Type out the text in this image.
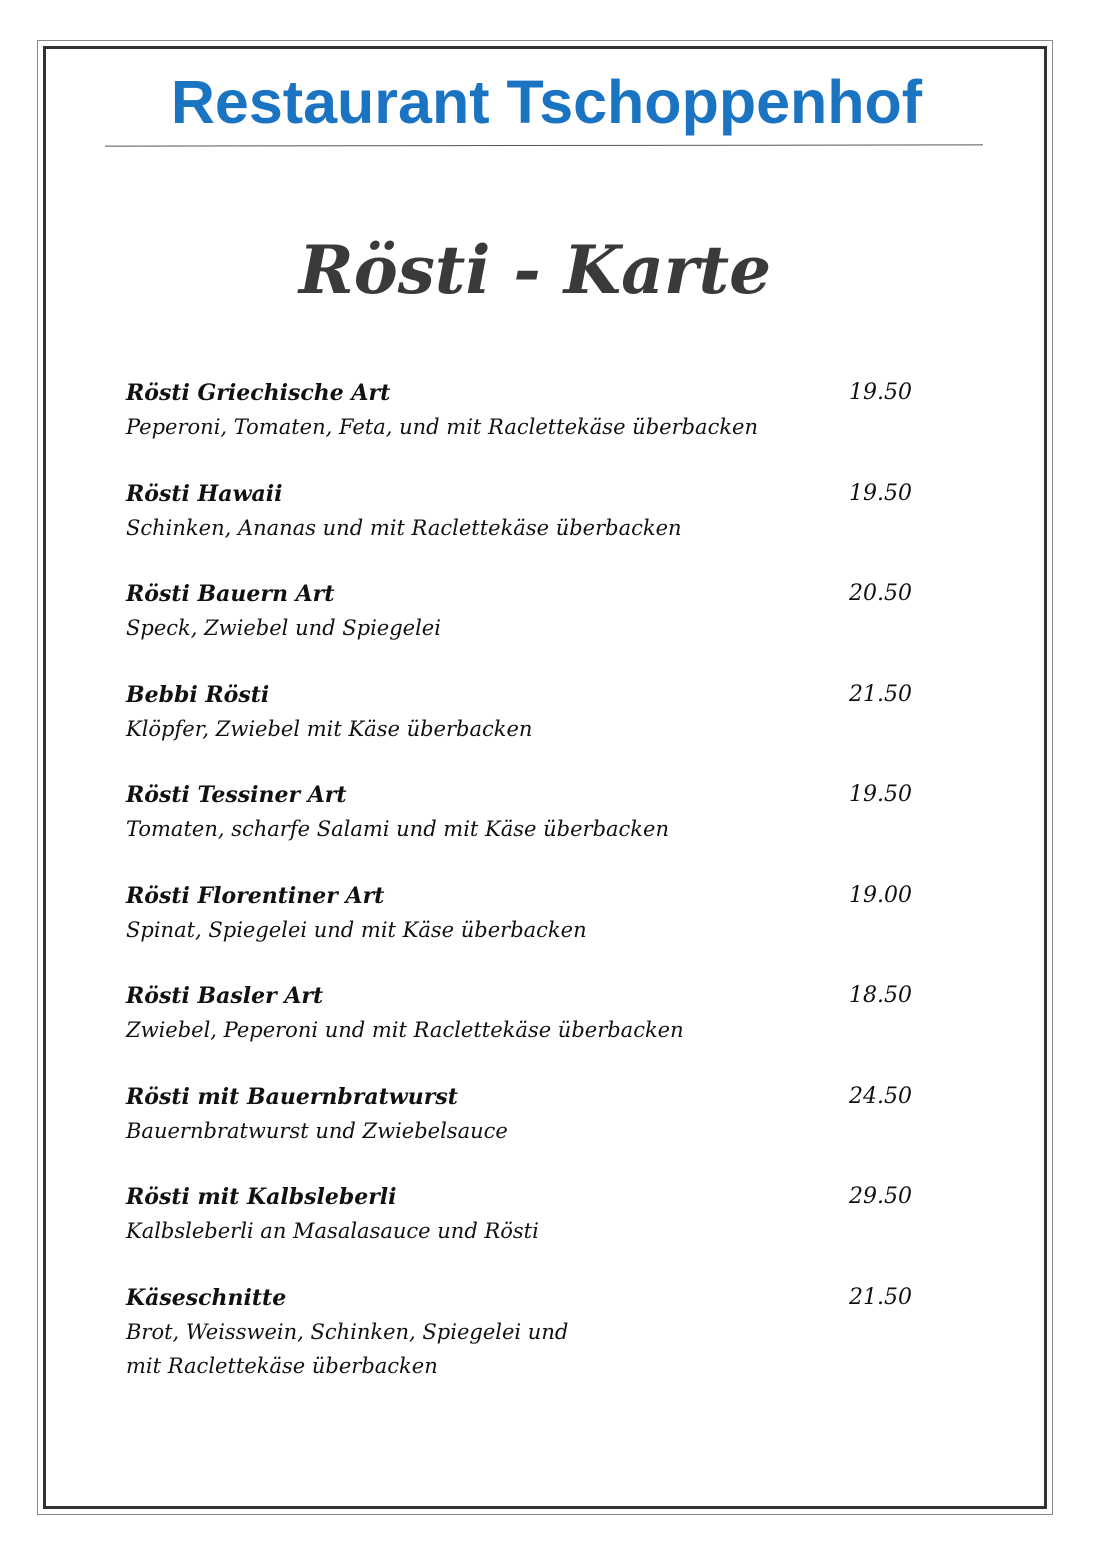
Restaurant Tschoppenhof
Rösti - Karte
Rösti Griechische Art	19.50
Peperoni, Tomaten, Feta, und mit Raclettekäse überbacken
Rösti Hawaii	19.50
Schinken, Ananas und mit Raclettekäse überbacken
Rösti Bauern Art	20.50
Speck, Zwiebel und Spiegelei
Bebbi Rösti	21.50
Klöpfer, Zwiebel mit Käse überbacken
Rösti Tessiner Art	19.50
Tomaten, scharfe Salami und mit Käse überbacken
Rösti Florentiner Art	19.00
Spinat, Spiegelei und mit Käse überbacken
Rösti Basler Art	18.50
Zwiebel, Peperoni und mit Raclettekäse überbacken
Rösti mit Bauernbratwurst	24.50
Bauernbratwurst und Zwiebelsauce
Rösti mit Kalbsleberli	29.50
Kalbsleberli an Masalasauce und Rösti
Käseschnitte	21.50
Brot, Weisswein, Schinken, Spiegelei und mit Raclettekäse überbacken
